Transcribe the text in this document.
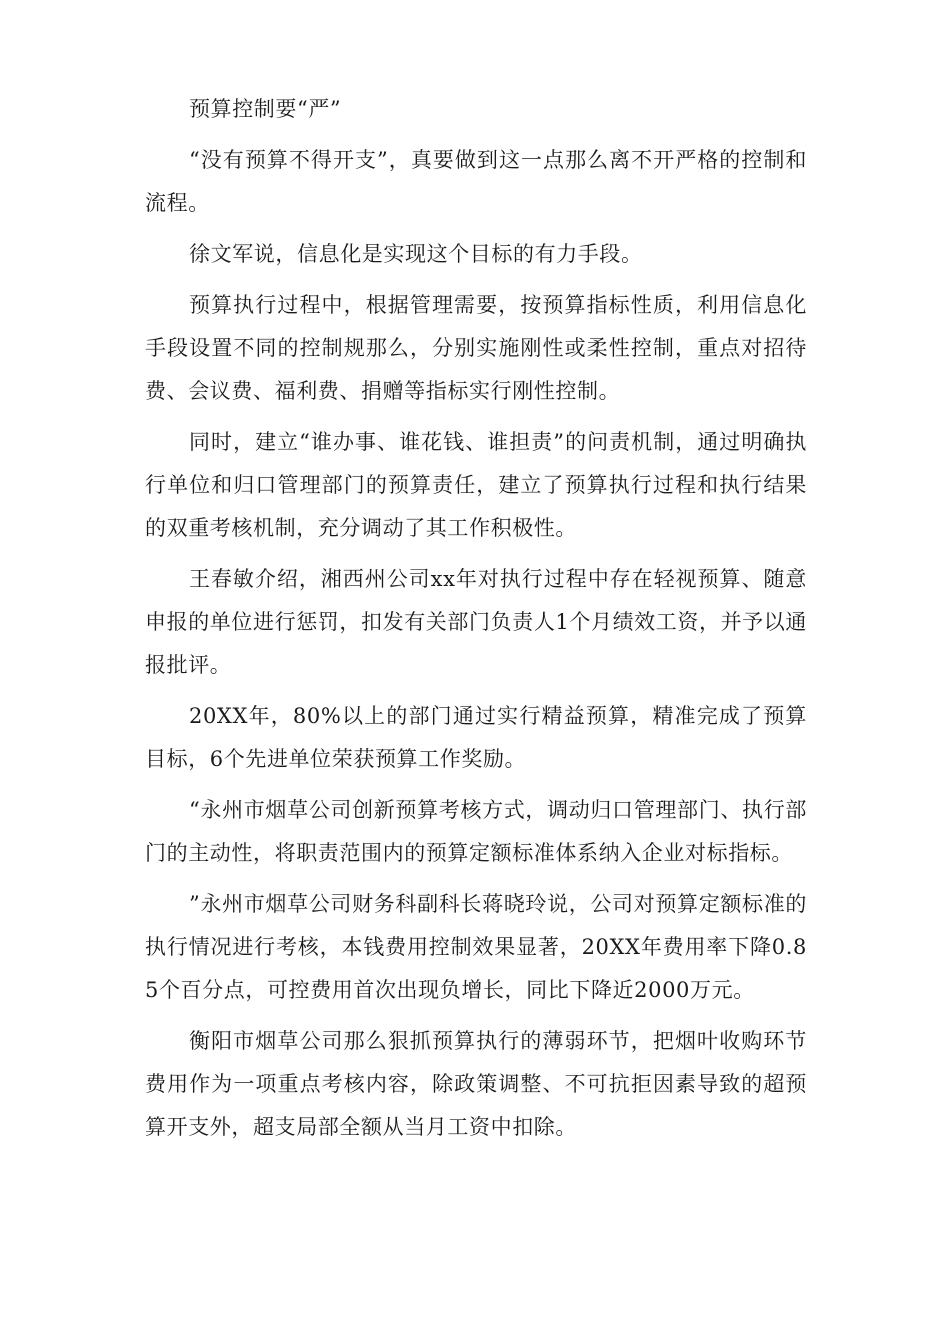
预算控制要“严”

“没有预算不得开支”，真要做到这一点那么离不开严格的控制和流程。

徐文军说，信息化是实现这个目标的有力手段。

预算执行过程中，根据管理需要，按预算指标性质，利用信息化手段设置不同的控制规那么，分别实施刚性或柔性控制，重点对招待费、会议费、福利费、捐赠等指标实行刚性控制。

同时，建立“谁办事、谁花钱、谁担责”的问责机制，通过明确执行单位和归口管理部门的预算责任，建立了预算执行过程和执行结果的双重考核机制，充分调动了其工作积极性。

王春敏介绍，湘西州公司xx年对执行过程中存在轻视预算、随意申报的单位进行惩罚，扣发有关部门负责人1个月绩效工资，并予以通报批评。

20XX年，80%以上的部门通过实行精益预算，精准完成了预算目标，6个先进单位荣获预算工作奖励。

“永州市烟草公司创新预算考核方式，调动归口管理部门、执行部门的主动性，将职责范围内的预算定额标准体系纳入企业对标指标。

”永州市烟草公司财务科副科长蒋晓玲说，公司对预算定额标准的执行情况进行考核，本钱费用控制效果显著，20XX年费用率下降0.85个百分点，可控费用首次出现负增长，同比下降近2000万元。

衡阳市烟草公司那么狠抓预算执行的薄弱环节，把烟叶收购环节费用作为一项重点考核内容，除政策调整、不可抗拒因素导致的超预算开支外，超支局部全额从当月工资中扣除。
